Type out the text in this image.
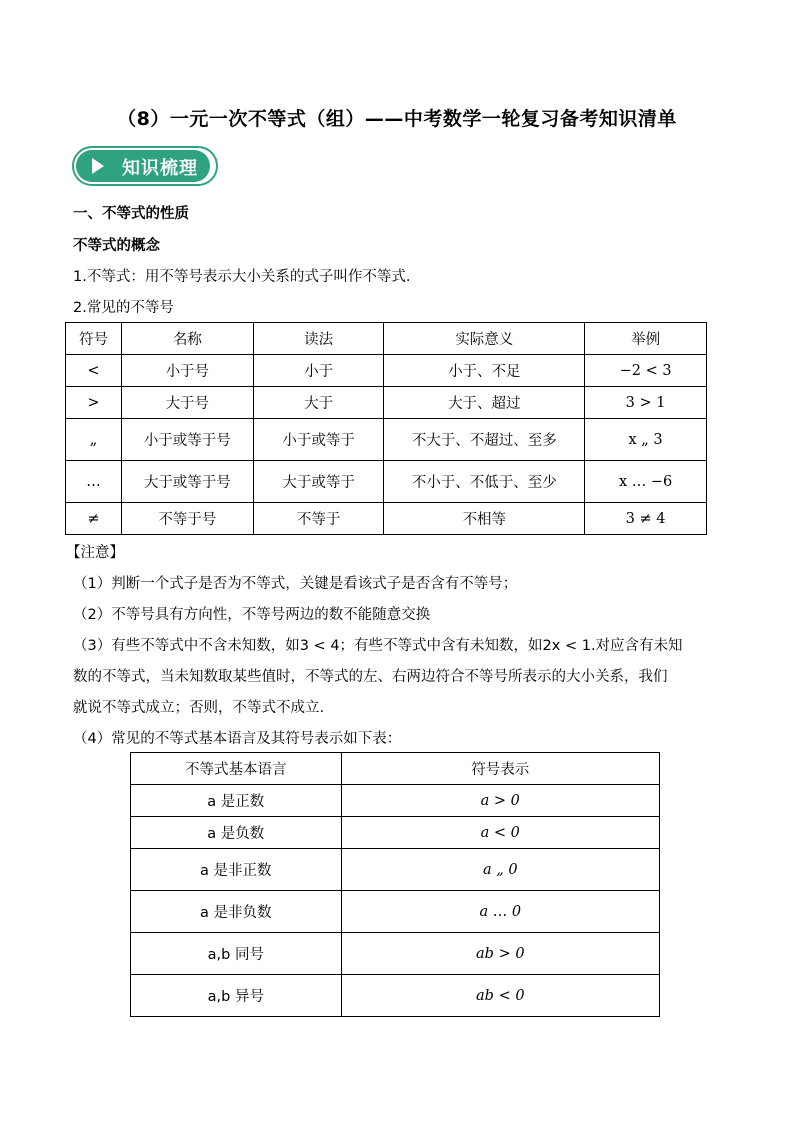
（8）一元一次不等式（组）——中考数学一轮复习备考知识清单
知识梳理
一、不等式的性质
不等式的概念
1.不等式：用不等号表示大小关系的式子叫作不等式.
2.常见的不等号
符号	名称	读法	实际意义	举例
<	小于号	小于	小于、不足	−2 < 3
>	大于号	大于	大于、超过	3 > 1
„	小于或等于号	小于或等于	不大于、不超过、至多	x „ 3
…	大于或等于号	大于或等于	不小于、不低于、至少	x … −6
≠	不等于号	不等于	不相等	3 ≠ 4
【注意】
（1）判断一个式子是否为不等式，关键是看该式子是否含有不等号；
（2）不等号具有方向性，不等号两边的数不能随意交换
（3）有些不等式中不含未知数，如3 < 4；有些不等式中含有未知数，如2x < 1.对应含有未知
数的不等式，当未知数取某些值时，不等式的左、右两边符合不等号所表示的大小关系，我们
就说不等式成立；否则，不等式不成立.
（4）常见的不等式基本语言及其符号表示如下表：
不等式基本语言	符号表示
a 是正数	a > 0
a 是负数	a < 0
a 是非正数	a „ 0
a 是非负数	a … 0
a,b 同号	ab > 0
a,b 异号	ab < 0
